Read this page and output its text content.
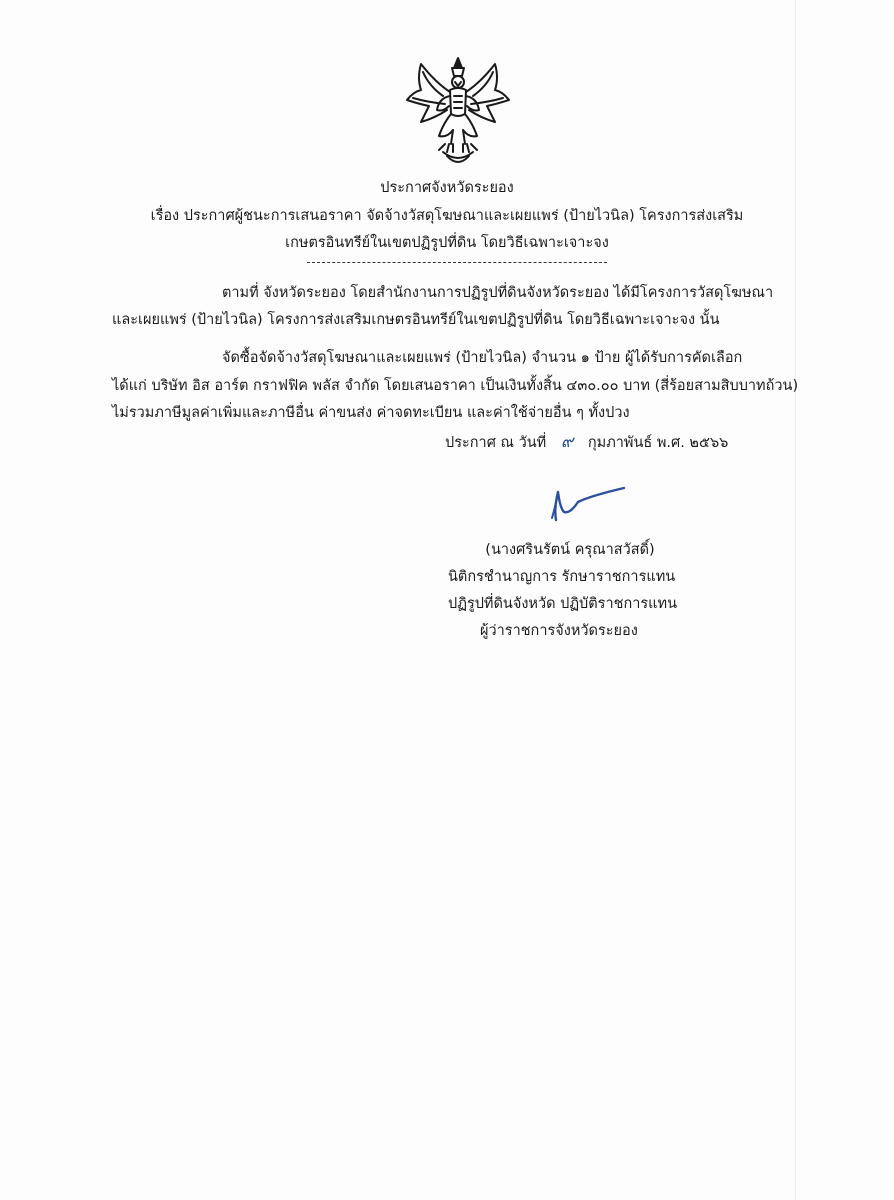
ประกาศจังหวัดระยอง
เรื่อง ประกาศผู้ชนะการเสนอราคา จัดจ้างวัสดุโฆษณาและเผยแพร่ (ป้ายไวนิล) โครงการส่งเสริม
เกษตรอินทรีย์ในเขตปฏิรูปที่ดิน โดยวิธีเฉพาะเจาะจง
ตามที่ จังหวัดระยอง โดยสำนักงานการปฏิรูปที่ดินจังหวัดระยอง ได้มีโครงการวัสดุโฆษณา
และเผยแพร่ (ป้ายไวนิล) โครงการส่งเสริมเกษตรอินทรีย์ในเขตปฏิรูปที่ดิน โดยวิธีเฉพาะเจาะจง นั้น
จัดซื้อจัดจ้างวัสดุโฆษณาและเผยแพร่ (ป้ายไวนิล) จำนวน ๑ ป้าย ผู้ได้รับการคัดเลือก
ได้แก่ บริษัท อิส อาร์ต กราฟฟิค พลัส จำกัด โดยเสนอราคา เป็นเงินทั้งสิ้น ๔๓๐.๐๐ บาท (สี่ร้อยสามสิบบาทถ้วน)
ไม่รวมภาษีมูลค่าเพิ่มและภาษีอื่น ค่าขนส่ง ค่าจดทะเบียน และค่าใช้จ่ายอื่น ๆ ทั้งปวง
ประกาศ ณ วันที่ ๙ กุมภาพันธ์ พ.ศ. ๒๕๖๖
(นางศรินรัตน์ ครุณาสวัสดิ์)
นิติกรชำนาญการ รักษาราชการแทน
ปฏิรูปที่ดินจังหวัด ปฏิบัติราชการแทน
ผู้ว่าราชการจังหวัดระยอง
